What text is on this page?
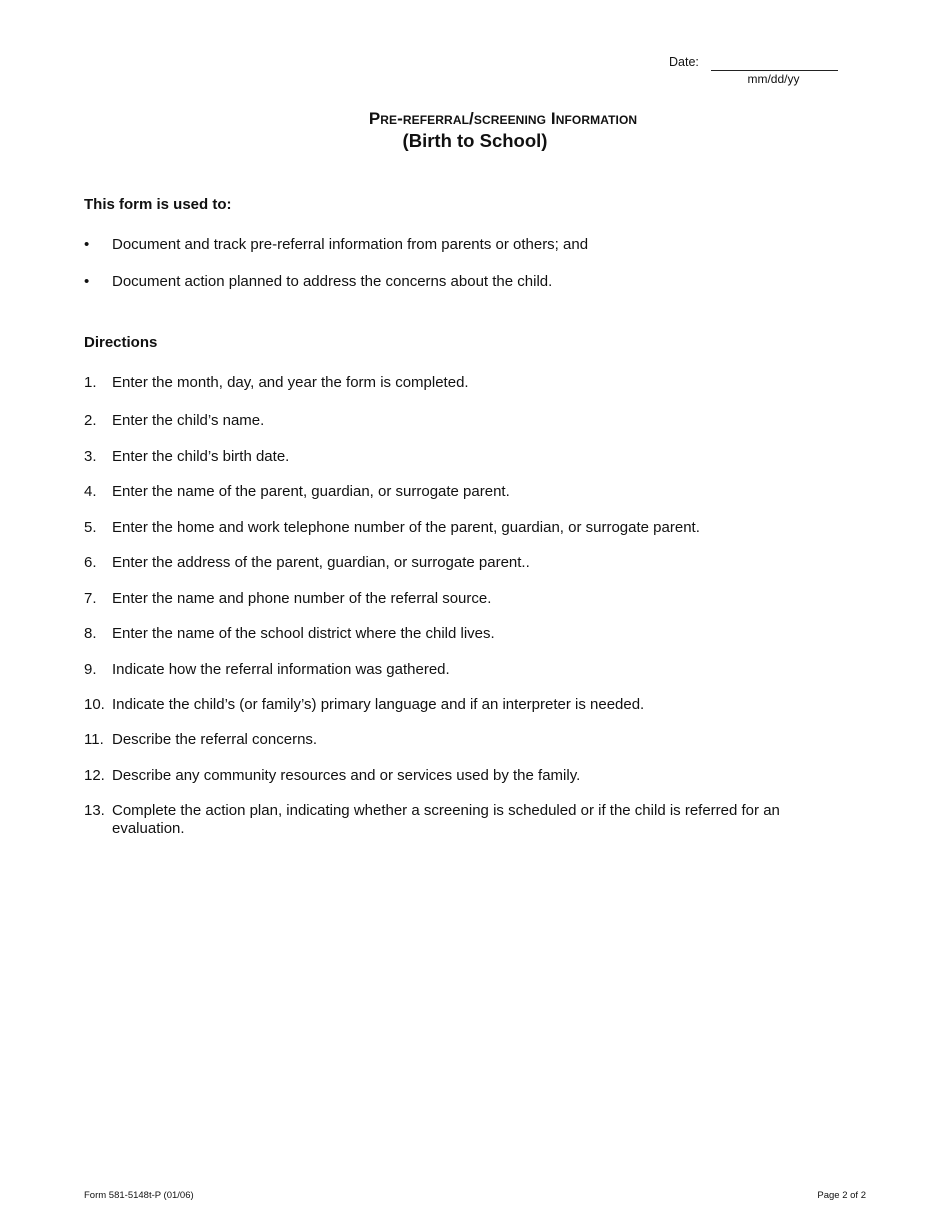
Date:
mm/dd/yy
Pre-referral/screening Information
(Birth to School)
This form is used to:
• Document and track pre-referral information from parents or others; and
• Document action planned to address the concerns about the child.
Directions
1. Enter the month, day, and year the form is completed.
2. Enter the child’s name.
3. Enter the child’s birth date.
4. Enter the name of the parent, guardian, or surrogate parent.
5. Enter the home and work telephone number of the parent, guardian, or surrogate parent.
6. Enter the address of the parent, guardian, or surrogate parent..
7. Enter the name and phone number of the referral source.
8. Enter the name of the school district where the child lives.
9. Indicate how the referral information was gathered.
10. Indicate the child’s (or family’s) primary language and if an interpreter is needed.
11. Describe the referral concerns.
12. Describe any community resources and or services used by the family.
13. Complete the action plan, indicating whether a screening is scheduled or if the child is referred for an evaluation.
Form 581-5148t-P (01/06)	Page 2 of 2
